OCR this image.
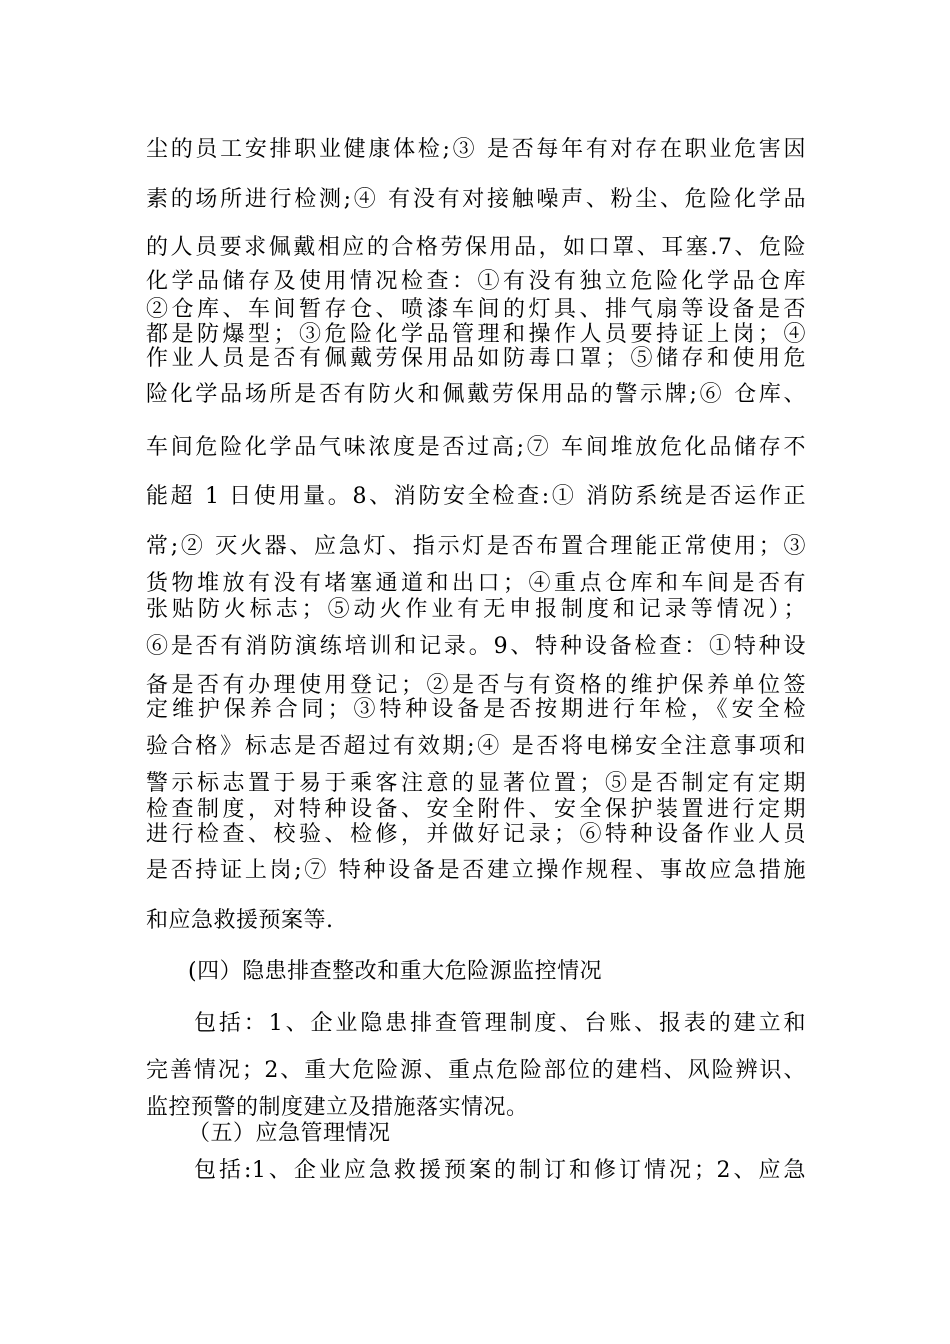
尘的员工安排职业健康体检;③ 是否每年有对存在职业危害因
素的场所进行检测;④ 有没有对接触噪声、粉尘、危险化学品
的人员要求佩戴相应的合格劳保用品，如口罩、耳塞.7、危险
化学品储存及使用情况检查：①有没有独立危险化学品仓库
②仓库、车间暂存仓、喷漆车间的灯具、排气扇等设备是否
都是防爆型；③危险化学品管理和操作人员要持证上岗；④
作业人员是否有佩戴劳保用品如防毒口罩；⑤储存和使用危
险化学品场所是否有防火和佩戴劳保用品的警示牌;⑥ 仓库、
车间危险化学品气味浓度是否过高;⑦ 车间堆放危化品储存不
能超 1 日使用量。8、消防安全检查:① 消防系统是否运作正
常;② 灭火器、应急灯、指示灯是否布置合理能正常使用；③
货物堆放有没有堵塞通道和出口；④重点仓库和车间是否有
张贴防火标志；⑤动火作业有无申报制度和记录等情况）；
⑥是否有消防演练培训和记录。9、特种设备检查：①特种设
备是否有办理使用登记；②是否与有资格的维护保养单位签
定维护保养合同；③特种设备是否按期进行年检，《安全检
验合格》标志是否超过有效期;④ 是否将电梯安全注意事项和
警示标志置于易于乘客注意的显著位置；⑤是否制定有定期
检查制度，对特种设备、安全附件、安全保护装置进行定期
进行检查、校验、检修，并做好记录；⑥特种设备作业人员
是否持证上岗;⑦ 特种设备是否建立操作规程、事故应急措施
和应急救援预案等.
(四）隐患排查整改和重大危险源监控情况
包括：1、企业隐患排查管理制度、台账、报表的建立和
完善情况；2、重大危险源、重点危险部位的建档、风险辨识、
监控预警的制度建立及措施落实情况。
（五）应急管理情况
包括:1、企业应急救援预案的制订和修订情况；2、应急
